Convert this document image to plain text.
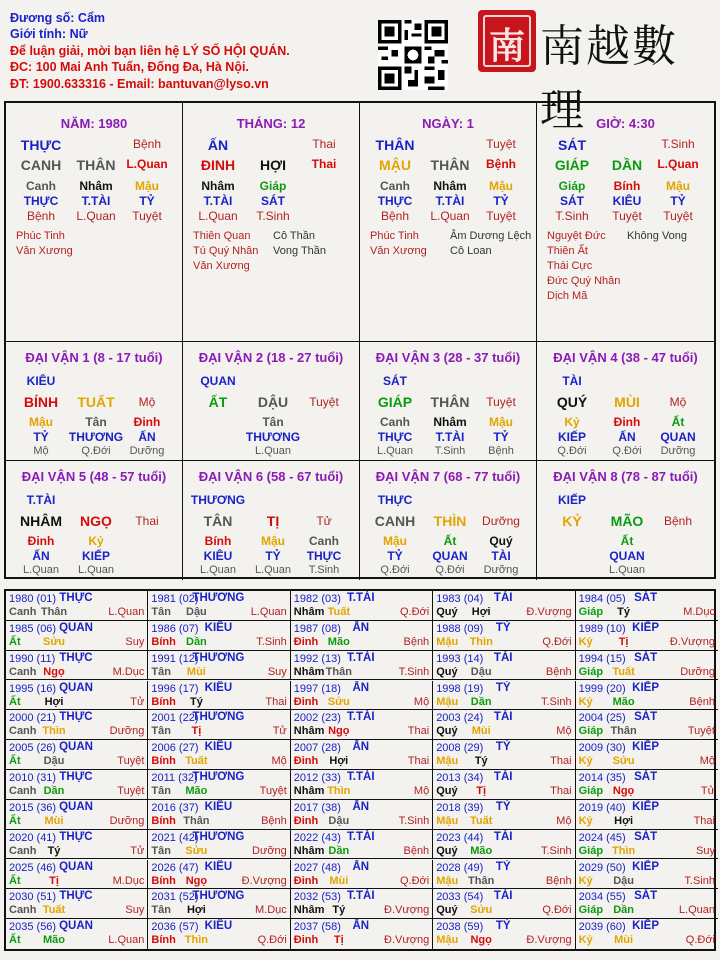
Đương số: Cẩm
Giới tính: Nữ
Để luận giải, mời bạn liên hệ LÝ SỐ HỘI QUÁN.
ĐC: 100 Mai Anh Tuấn, Đống Đa, Hà Nội.
ĐT: 1900.633316 - Email: bantuvan@lyso.vn
南 南越數理
NĂM: 1980
THỰC	Bệnh
CANH THÂN L.Quan
Canh Nhâm Mậu
THỰC T.TÀI TỶ
Bệnh L.Quan Tuyệt
Phúc Tinh
Văn Xương
THÁNG: 12
ẤN	Thai
ĐINH HỢI Thai
Nhâm Giáp
T.TÀI SÁT
L.Quan T.Sinh
Thiên Quan
Tú Quý Nhân
Văn Xương
Cô Thần
Vong Thần
NGÀY: 1
THÂN	Tuyệt
MẬU THÂN Bệnh
Canh Nhâm Mậu
THỰC T.TÀI TỶ
Bệnh L.Quan Tuyệt
Phúc Tinh
Văn Xương
Âm Dương Lệch
Cô Loan
GIỜ: 4:30
SÁT	T.Sinh
GIÁP DẦN L.Quan
Giáp Bính Mậu
SÁT KIÊU TỶ
T.Sinh Tuyệt Tuyệt
Nguyệt Đức
Thiên Ất
Thái Cực
Đức Quý Nhân
Dịch Mã
Không Vong
ĐẠI VẬN 1 (8 - 17 tuổi)
KIÊU
BÍNH TUẤT Mộ
Mậu	Tân Đinh
TỶ THƯƠNG ẤN
Mộ	Q.Đới Dưỡng
ĐẠI VẬN 2 (18 - 27 tuổi)
QUAN
ẤT DẬU Tuyệt
Tân
THƯƠNG
L.Quan
ĐẠI VẬN 3 (28 - 37 tuổi)
SÁT
GIÁP THÂN Tuyệt
Canh Nhâm Mậu
THỰC T.TÀI TỶ
L.Quan T.Sinh Bệnh
ĐẠI VẬN 4 (38 - 47 tuổi)
TÀI
QUÝ MÙI Mộ
Kỷ	Đinh	Ất
KIẾP	ẤN QUAN
Q.Đới Q.Đới Dưỡng
ĐẠI VẬN 5 (48 - 57 tuổi)
T.TÀI
NHÂM NGỌ Thai
Đinh	Kỷ
ẤN	KIẾP
L.Quan L.Quan
ĐẠI VẬN 6 (58 - 67 tuổi)
THƯƠNG
TÂN TỊ	Tử
Bính Mậu Canh
KIÊU	TỶ THỰC
L.Quan L.Quan T.Sinh
ĐẠI VẬN 7 (68 - 77 tuổi)
THỰC
CANH THÌN Dưỡng
Mậu	Ất	Quý
TỶ QUAN TÀI
Q.Đới Q.Đới Dưỡng
ĐẠI VẬN 8 (78 - 87 tuổi)
KIẾP
KỶ MÃO Bệnh
Ất
QUAN
L.Quan
1980 (01) THỰC
Canh Thân	L.Quan
1981 (02)
THƯƠNG
Tân Dậu	L.Quan
1982 (03) T.TÀI
Nhâm Tuất	Q.Đới
1983 (04) TÀI
Quý Hợi	Đ.Vượng
1984 (05) SÁT
Giáp Tý	M.Dục
1985 (06) QUAN
Ất Sửu	Suy
1986 (07) KIÊU
Bính Dần	T.Sinh
1987 (08) ẤN
Đinh Mão	Bệnh
1988 (09) TỶ
Mậu Thìn	Q.Đới
1989 (10) KIẾP
Kỷ Tị	Đ.Vượng
1990 (11) THỰC
Canh Ngọ	M.Dục
1991 (12)
THƯƠNG
Tân Mùi	Suy
1992 (13) T.TÀI
Nhâm Thân	T.Sinh
1993 (14) TÀI
Quý Dậu	Bệnh
1994 (15) SÁT
Giáp Tuất	Dưỡng
1995 (16) QUAN
Ất Hợi	Tử
1996 (17) KIÊU
Bính Tý	Thai
1997 (18) ẤN
Đinh Sửu	Mộ
1998 (19) TỶ
Mậu Dần	T.Sinh
1999 (20) KIẾP
Kỷ Mão	Bệnh
2000 (21) THỰC
Canh Thìn	Dưỡng
2001 (22)
THƯƠNG
Tân Tị	Tử
2002 (23) T.TÀI
Nhâm Ngọ	Thai
2003 (24) TÀI
Quý Mùi	Mộ
2004 (25) SÁT
Giáp Thân	Tuyệt
2005 (26) QUAN
Ất Dậu	Tuyệt
2006 (27) KIÊU
Bính Tuất	Mộ
2007 (28) ẤN
Đinh Hợi	Thai
2008 (29) TỶ
Mậu Tý	Thai
2009 (30) KIẾP
Kỷ Sửu	Mộ
2010 (31) THỰC
Canh Dần	Tuyệt
2011 (32)
THƯƠNG
Tân Mão	Tuyệt
2012 (33) T.TÀI
Nhâm Thìn	Mộ
2013 (34) TÀI
Quý Tị	Thai
2014 (35) SÁT
Giáp Ngọ	Tử
2015 (36) QUAN
Ất Mùi	Dưỡng
2016 (37) KIÊU
Bính Thân	Bệnh
2017 (38) ẤN
Đinh Dậu	T.Sinh
2018 (39) TỶ
Mậu Tuất	Mộ
2019 (40) KIẾP
Kỷ Hợi	Thai
2020 (41) THỰC
Canh Tý	Tử
2021 (42)
THƯƠNG
Tân Sửu	Dưỡng
2022 (43) T.TÀI
Nhâm Dần	Bệnh
2023 (44) TÀI
Quý Mão	T.Sinh
2024 (45) SÁT
Giáp Thìn	Suy
2025 (46) QUAN
Ất	Tị	M.Dục
2026 (47) KIÊU
Bính Ngọ	Đ.Vượng
2027 (48) ẤN
Đinh Mùi	Q.Đới
2028 (49) TỶ
Mậu Thân	Bệnh
2029 (50) KIẾP
Kỷ Dậu	T.Sinh
2030 (51) THỰC
Canh Tuất	Suy
2031 (52)
THƯƠNG
Tân Hợi	M.Dục
2032 (53) T.TÀI
Nhâm Tý	Đ.Vượng
2033 (54) TÀI
Quý Sửu	Q.Đới
2034 (55) SÁT
Giáp Dần	L.Quan
2035 (56) QUAN
Ất Mão	L.Quan
2036 (57) KIÊU
Bính Thìn	Q.Đới
2037 (58) ẤN
Đinh Tị	Đ.Vượng
2038 (59) TỶ
Mậu Ngọ	Đ.Vượng
2039 (60) KIẾP
Kỷ Mùi	Q.Đới
